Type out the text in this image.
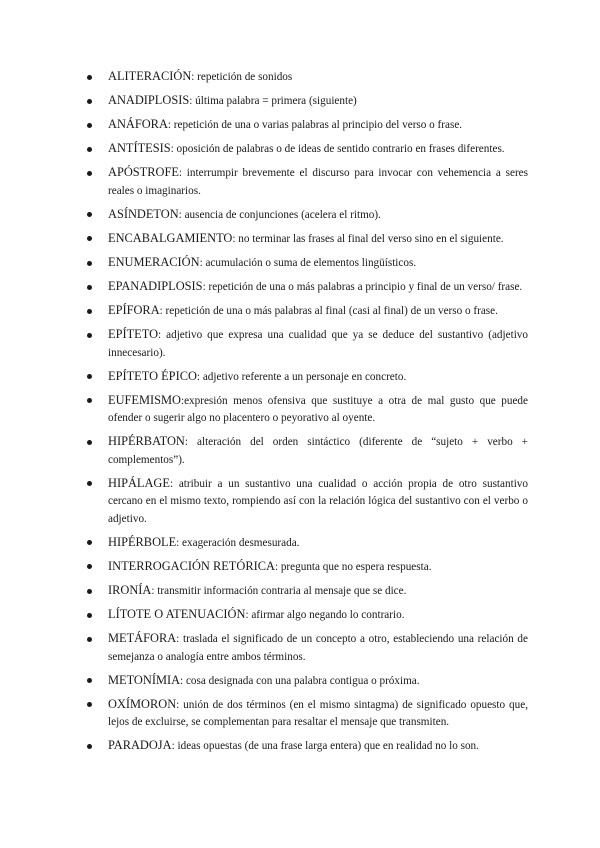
ALITERACIÓN: repetición de sonidos
ANADIPLOSIS: última palabra = primera (siguiente)
ANÁFORA: repetición de una o varias palabras al principio del verso o frase.
ANTÍTESIS: oposición de palabras o de ideas de sentido contrario en frases diferentes.
APÓSTROFE: interrumpir brevemente el discurso para invocar con vehemencia a seres reales o imaginarios.
ASÍNDETON: ausencia de conjunciones (acelera el ritmo).
ENCABALGAMIENTO: no terminar las frases al final del verso sino en el siguiente.
ENUMERACIÓN: acumulación o suma de elementos lingüísticos.
EPANADIPLOSIS: repetición de una o más palabras a principio y final de un verso/ frase.
EPÍFORA: repetición de una o más palabras al final (casi al final) de un verso o frase.
EPÍTETO: adjetivo que expresa una cualidad que ya se deduce del sustantivo (adjetivo innecesario).
EPÍTETO ÉPICO: adjetivo referente a un personaje en concreto.
EUFEMISMO:expresión menos ofensiva que sustituye a otra de mal gusto que puede ofender o sugerir algo no placentero o peyorativo al oyente.
HIPÉRBATON: alteración del orden sintáctico (diferente de “sujeto + verbo + complementos”).
HIPÁLAGE: atribuir a un sustantivo una cualidad o acción propia de otro sustantivo cercano en el mismo texto, rompiendo así con la relación lógica del sustantivo con el verbo o adjetivo.
HIPÉRBOLE: exageración desmesurada.
INTERROGACIÓN RETÓRICA: pregunta que no espera respuesta.
IRONÍA: transmitir información contraria al mensaje que se dice.
LÍTOTE O ATENUACIÓN: afirmar algo negando lo contrario.
METÁFORA: traslada el significado de un concepto a otro, estableciendo una relación de semejanza o analogía entre ambos términos.
METONÍMIA: cosa designada con una palabra contigua o próxima.
OXÍMORON: unión de dos términos (en el mismo sintagma) de significado opuesto que, lejos de excluirse, se complementan para resaltar el mensaje que transmiten.
PARADOJA: ideas opuestas (de una frase larga entera) que en realidad no lo son.
